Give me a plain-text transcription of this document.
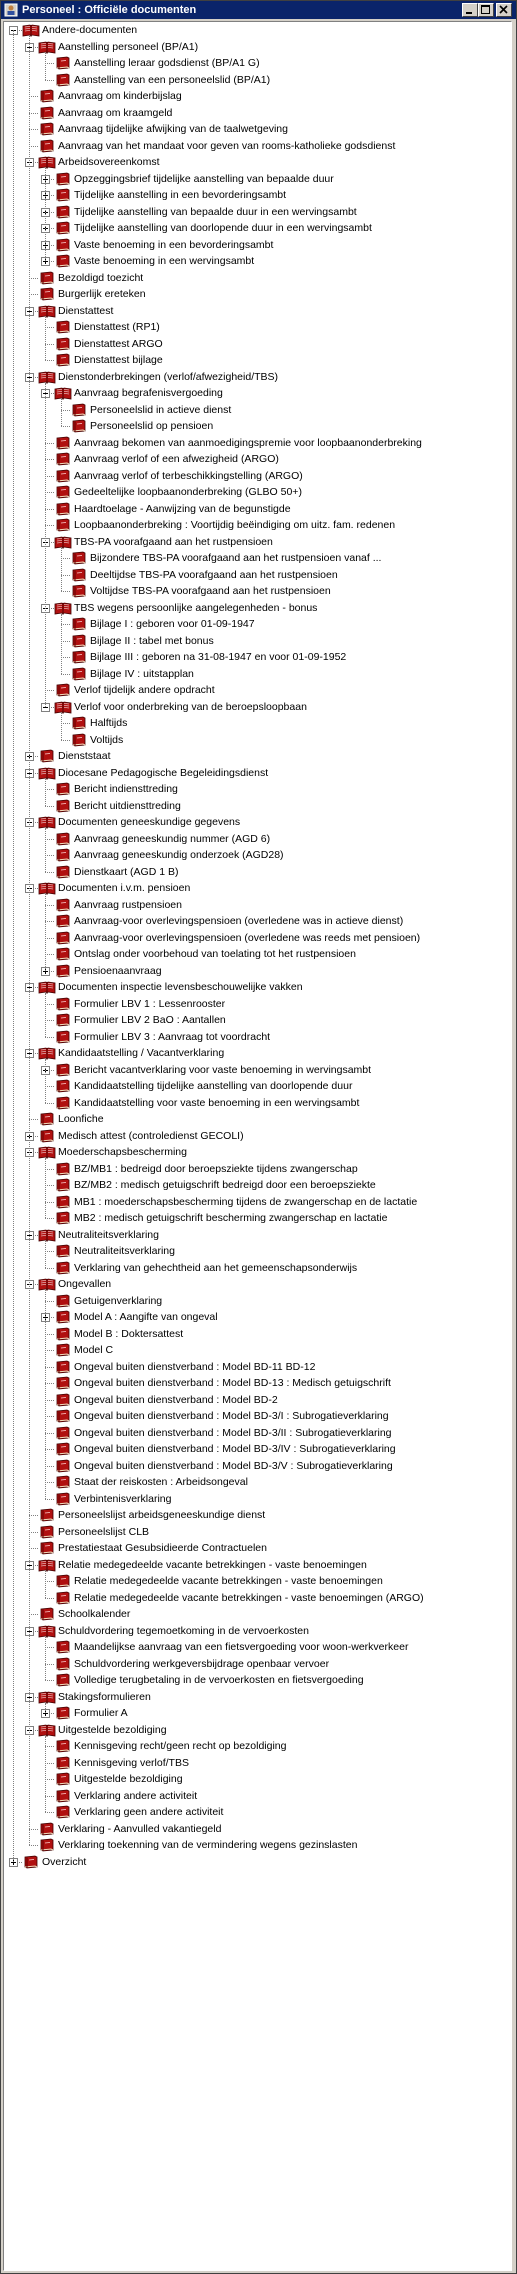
Personeel : Officiële documenten
Andere-documenten
Aanstelling personeel (BP/A1)
Aanstelling leraar godsdienst (BP/A1 G)
Aanstelling van een personeelslid (BP/A1)
Aanvraag om kinderbijslag
Aanvraag om kraamgeld
Aanvraag tijdelijke afwijking van de taalwetgeving
Aanvraag van het mandaat voor geven van rooms-katholieke godsdienst
Arbeidsovereenkomst
Opzeggingsbrief tijdelijke aanstelling van bepaalde duur
Tijdelijke aanstelling in een bevorderingsambt
Tijdelijke aanstelling van bepaalde duur in een wervingsambt
Tijdelijke aanstelling van doorlopende duur in een wervingsambt
Vaste benoeming in een bevorderingsambt
Vaste benoeming in een wervingsambt
Bezoldigd toezicht
Burgerlijk ereteken
Dienstattest
Dienstattest (RP1)
Dienstattest ARGO
Dienstattest bijlage
Dienstonderbrekingen (verlof/afwezigheid/TBS)
Aanvraag begrafenisvergoeding
Personeelslid in actieve dienst
Personeelslid op pensioen
Aanvraag bekomen van aanmoedigingspremie voor loopbaanonderbreking
Aanvraag verlof of een afwezigheid (ARGO)
Aanvraag verlof of terbeschikkingstelling (ARGO)
Gedeeltelijke loopbaanonderbreking (GLBO 50+)
Haardtoelage - Aanwijzing van de begunstigde
Loopbaanonderbreking : Voortijdig beëindiging om uitz. fam. redenen
TBS-PA voorafgaand aan het rustpensioen
Bijzondere TBS-PA voorafgaand aan het rustpensioen vanaf ...
Deeltijdse TBS-PA voorafgaand aan het rustpensioen
Voltijdse TBS-PA voorafgaand aan het rustpensioen
TBS wegens persoonlijke aangelegenheden - bonus
Bijlage I : geboren voor 01-09-1947
Bijlage II : tabel met bonus
Bijlage III : geboren na 31-08-1947 en voor 01-09-1952
Bijlage IV : uitstapplan
Verlof tijdelijk andere opdracht
Verlof voor onderbreking van de beroepsloopbaan
Halftijds
Voltijds
Dienststaat
Diocesane Pedagogische Begeleidingsdienst
Bericht indiensttreding
Bericht uitdiensttreding
Documenten geneeskundige gegevens
Aanvraag geneeskundig nummer (AGD 6)
Aanvraag geneeskundig onderzoek (AGD28)
Dienstkaart (AGD 1 B)
Documenten i.v.m. pensioen
Aanvraag rustpensioen
Aanvraag-voor overlevingspensioen (overledene was in actieve dienst)
Aanvraag-voor overlevingspensioen (overledene was reeds met pensioen)
Ontslag onder voorbehoud van toelating tot het rustpensioen
Pensioenaanvraag
Documenten inspectie levensbeschouwelijke vakken
Formulier LBV 1 : Lessenrooster
Formulier LBV 2 BaO : Aantallen
Formulier LBV 3 : Aanvraag tot voordracht
Kandidaatstelling / Vacantverklaring
Bericht vacantverklaring voor vaste benoeming in wervingsambt
Kandidaatstelling tijdelijke aanstelling van doorlopende duur
Kandidaatstelling voor vaste benoeming in een wervingsambt
Loonfiche
Medisch attest (controledienst GECOLI)
Moederschapsbescherming
BZ/MB1 : bedreigd door beroepsziekte tijdens zwangerschap
BZ/MB2 : medisch getuigschrift bedreigd door een beroepsziekte
MB1 : moederschapsbescherming tijdens de zwangerschap en de lactatie
MB2 : medisch getuigschrift bescherming zwangerschap en lactatie
Neutraliteitsverklaring
Neutraliteitsverklaring
Verklaring van gehechtheid aan het gemeenschapsonderwijs
Ongevallen
Getuigenverklaring
Model A : Aangifte van ongeval
Model B : Doktersattest
Model C
Ongeval buiten dienstverband : Model BD-11 BD-12
Ongeval buiten dienstverband : Model BD-13 : Medisch getuigschrift
Ongeval buiten dienstverband : Model BD-2
Ongeval buiten dienstverband : Model BD-3/I : Subrogatieverklaring
Ongeval buiten dienstverband : Model BD-3/II : Subrogatieverklaring
Ongeval buiten dienstverband : Model BD-3/IV : Subrogatieverklaring
Ongeval buiten dienstverband : Model BD-3/V : Subrogatieverklaring
Staat der reiskosten : Arbeidsongeval
Verbintenisverklaring
Personeelslijst arbeidsgeneeskundige dienst
Personeelslijst CLB
Prestatiestaat Gesubsidieerde Contractuelen
Relatie medegedeelde vacante betrekkingen - vaste benoemingen
Relatie medegedeelde vacante betrekkingen - vaste benoemingen
Relatie medegedeelde vacante betrekkingen - vaste benoemingen (ARGO)
Schoolkalender
Schuldvordering tegemoetkoming in de vervoerkosten
Maandelijkse aanvraag van een fietsvergoeding voor woon-werkverkeer
Schuldvordering werkgeversbijdrage openbaar vervoer
Volledige terugbetaling in de vervoerkosten en fietsvergoeding
Stakingsformulieren
Formulier A
Uitgestelde bezoldiging
Kennisgeving recht/geen recht op bezoldiging
Kennisgeving verlof/TBS
Uitgestelde bezoldiging
Verklaring andere activiteit
Verklaring geen andere activiteit
Verklaring - Aanvulled vakantiegeld
Verklaring toekenning van de vermindering wegens gezinslasten
Overzicht
